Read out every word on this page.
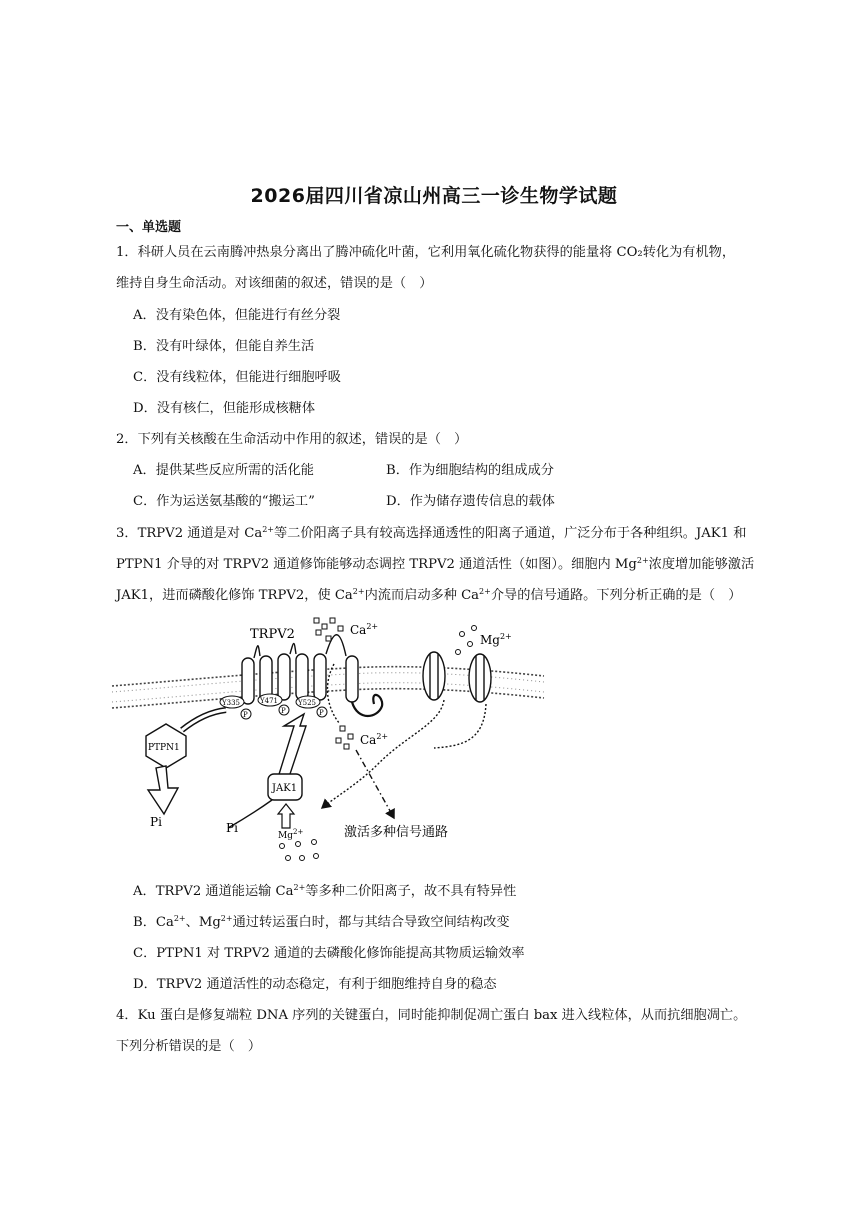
2026届四川省凉山州高三一诊生物学试题
一、单选题
1．科研人员在云南腾冲热泉分离出了腾冲硫化叶菌，它利用氧化硫化物获得的能量将 CO₂转化为有机物，
维持自身生命活动。对该细菌的叙述，错误的是（　）
A．没有染色体，但能进行有丝分裂
B．没有叶绿体，但能自养生活
C．没有线粒体，但能进行细胞呼吸
D．没有核仁，但能形成核糖体
2．下列有关核酸在生命活动中作用的叙述，错误的是（　）
A．提供某些反应所需的活化能	B．作为细胞结构的组成成分
C．作为运送氨基酸的“搬运工”	D．作为储存遗传信息的载体
3．TRPV2 通道是对 $Ca^{2+}$等二价阳离子具有较高选择通透性的阳离子通道，广泛分布于各种组织。JAK1 和
PTPN1 介导的对 TRPV2 通道修饰能够动态调控 TRPV2 通道活性（如图）。细胞内 $Mg^{2+}$浓度增加能够激活
JAK1，进而磷酸化修饰 TRPV2，使 $Ca^{2+}$内流而启动多种 $Ca^{2+}$介导的信号通路。下列分析正确的是（　）
TRPV2	$Ca^{2+}$
$Mg^{2+}$
Y335	Y471	Y525
P	P	P
PTPN1
Pi
JAK1
Pi
$Mg^{2+}$
$Ca^{2+}$
激活多种信号通路
A．TRPV2 通道能运输 $Ca^{2+}$等多种二价阳离子，故不具有特异性
B．$Ca^{2+}$、$Mg^{2+}$通过转运蛋白时，都与其结合导致空间结构改变
C．PTPN1 对 TRPV2 通道的去磷酸化修饰能提高其物质运输效率
D．TRPV2 通道活性的动态稳定，有利于细胞维持自身的稳态
4．Ku 蛋白是修复端粒 DNA 序列的关键蛋白，同时能抑制促凋亡蛋白 bax 进入线粒体，从而抗细胞凋亡。
下列分析错误的是（　）
